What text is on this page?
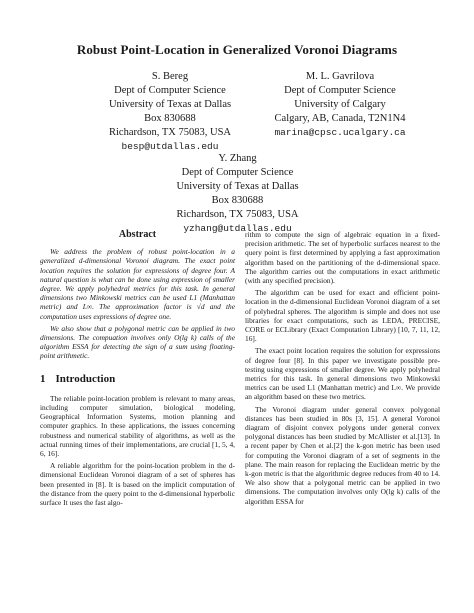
Robust Point-Location in Generalized Voronoi Diagrams
S. Bereg
Dept of Computer Science
University of Texas at Dallas
Box 830688
Richardson, TX 75083, USA
besp@utdallas.edu
M. L. Gavrilova
Dept of Computer Science
University of Calgary
Calgary, AB, Canada, T2N1N4
marina@cpsc.ucalgary.ca
Y. Zhang
Dept of Computer Science
University of Texas at Dallas
Box 830688
Richardson, TX 75083, USA
yzhang@utdallas.edu
Abstract

We address the problem of robust point-location in a generalized d-dimensional Voronoi diagram. The exact point location requires the solution for expressions of degree four. A natural question is what can be done using expression of smaller degree. We apply polyhedral metrics for this task. In general dimensions two Minkowski metrics can be used L1 (Manhattan metric) and L∞. The approximation factor is √d and the computation uses expressions of degree one.

We also show that a polygonal metric can be applied in two dimensions. The compuation involves only O(lg k) calls of the algorithm ESSA for detecting the sign of a sum using floating-point arithmetic.

1 Introduction

The reliable point-location problem is relevant to many areas, including computer simulation, biological modeling, Geographical Information Systems, motion planning and computer graphics. In these applications, the issues concerning robustness and numerical stability of algorithms, as well as the actual running times of their implementations, are crucial [1, 5, 4, 6, 16].

A reliable algorithm for the point-location problem in the d-dimensional Euclidean Voronoi diagram of a set of spheres has been presented in [8]. It is based on the implicit computation of the distance from the query point to the d-dimensional hyperbolic surface It uses the fast algo-

rithm to compute the sign of algebraic equation in a fixed-precision arithmetic. The set of hyperbolic surfaces nearest to the query point is first determined by applying a fast approximation algorithm based on the partitioning of the d-dimensional space. The algorithm carries out the computations in exact arithmetic (with any specified precision).

The algorithm can be used for exact and efficient point-location in the d-dimensional Euclidean Voronoi diagram of a set of polyhedral spheres. The algorithm is simple and does not use libraries for exact computations, such as LEDA, PRECISE, CORE or ECLibrary (Exact Computation Library) [10, 7, 11, 12, 16].

The exact point location requires the solution for expressions of degree four [8]. In this paper we investigate possible pre-testing using expressions of smaller degree. We apply polyhedral metrics for this task. In general dimensions two Minkowski metrics can be used L1 (Manhattan metric) and L∞. We provide an algorithm based on these two metrics.

The Voronoi diagram under general convex polygonal distances has been studied in 80s [3, 15]. A general Voronoi diagram of disjoint convex polygons under general convex polygonal distances has been studied by McAllister et al.[13]. In a recent paper by Chen et al.[2] the k-gon metric has been used for computing the Voronoi diagram of a set of segments in the plane. The main reason for replacing the Euclidean metric by the k-gon metric is that the algorithmic degree reduces from 40 to 14. We also show that a polygonal metric can be applied in two dimensions. The computation involves only O(lg k) calls of the algorithm ESSA for
